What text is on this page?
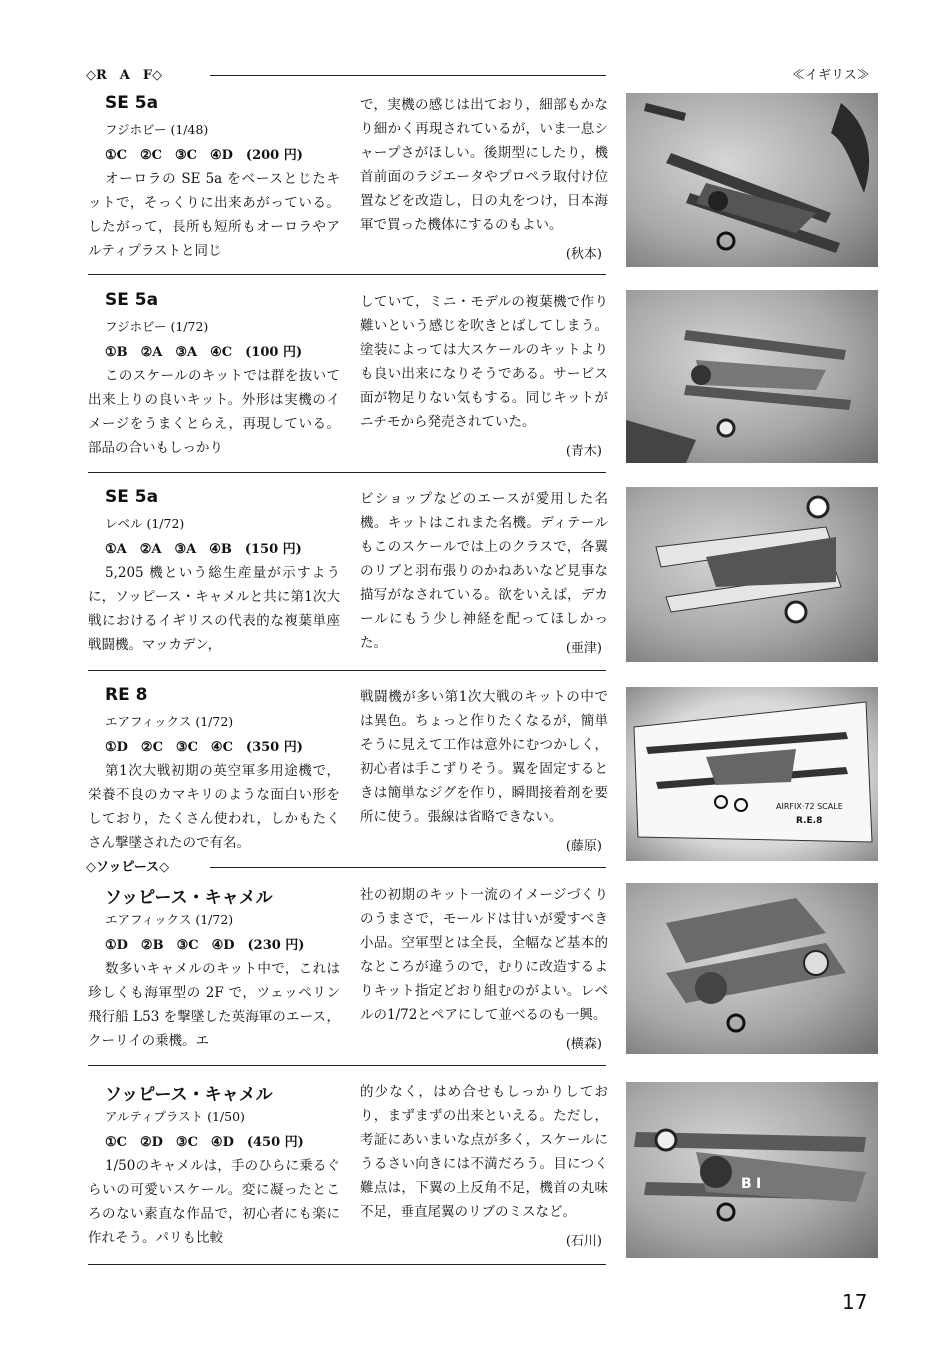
◇R　A　F◇	≪イギリス≫
SE 5a
フジホビー (1/48)
①C　②C　③C　④D　(200 円)
オーロラの SE 5a をベースとじたキットで，そっくりに出来あがっている。したがって，長所も短所もオーロラやアルティプラストと同じ
で，実機の感じは出ており，細部もかなり細かく再現されているが，いま一息シャープさがほしい。後期型にしたり，機首前面のラジエータやプロペラ取付け位置などを改造し，日の丸をつけ，日本海軍で買った機体にするのもよい。
(秋本)
SE 5a
フジホビー (1/72)
①B　②A　③A　④C　(100 円)
このスケールのキットでは群を抜いて出来上りの良いキット。外形は実機のイメージをうまくとらえ，再現している。部品の合いもしっかり
していて，ミニ・モデルの複葉機で作り難いという感じを吹きとばしてしまう。塗装によっては大スケールのキットよりも良い出来になりそうである。サービス面が物足りない気もする。同じキットがニチモから発売されていた。
(青木)
SE 5a
レベル (1/72)
①A　②A　③A　④B　(150 円)
5,205 機という総生産量が示すように，ソッピース・キャメルと共に第1次大戦におけるイギリスの代表的な複葉単座戦闘機。マッカデン，
ビショップなどのエースが愛用した名機。キットはこれまた名機。ディテールもこのスケールでは上のクラスで，各翼のリブと羽布張りのかねあいなど見事な描写がなされている。欲をいえば，デカールにもう少し神経を配ってほしかった。	(亜津)
RE 8
エアフィックス (1/72)
①D　②C　③C　④C　(350 円)
第1次大戦初期の英空軍多用途機で，栄養不良のカマキリのような面白い形をしており，たくさん使われ，しかもたくさん撃墜されたので有名。
戦闘機が多い第1次大戦のキットの中では異色。ちょっと作りたくなるが，簡単そうに見えて工作は意外にむつかしく，初心者は手こずりそう。翼を固定するときは簡単なジグを作り，瞬間接着剤を要所に使う。張線は省略できない。
(藤原)
◇ソッピース◇
ソッピース・キャメル
エアフィックス (1/72)
①D　②B　③C　④D　(230 円)
数多いキャメルのキット中で，これは珍しくも海軍型の 2F で，ツェッペリン飛行船 L53 を撃墜した英海軍のエース，クーリイの乗機。エ
社の初期のキット一流のイメージづくりのうまさで，モールドは甘いが愛すべき小品。空軍型とは全長，全幅など基本的なところが違うので，むりに改造するよりキット指定どおり組むのがよい。レベルの1/72とペアにして並べるのも一興。
(横森)
ソッピース・キャメル
アルティプラスト (1/50)
①C　②D　③C　④D　(450 円)
1/50のキャメルは，手のひらに乗るぐらいの可愛いスケール。変に凝ったところのない素直な作品で，初心者にも楽に作れそう。パリも比較
的少なく，はめ合せもしっかりしており，まずまずの出来といえる。ただし，考証にあいまいな点が多く，スケールにうるさい向きには不満だろう。目につく難点は，下翼の上反角不足，機首の丸味不足，垂直尾翼のリブのミスなど。
(石川)
AIRFIX·72 SCALE
R.E.8
B I
17
